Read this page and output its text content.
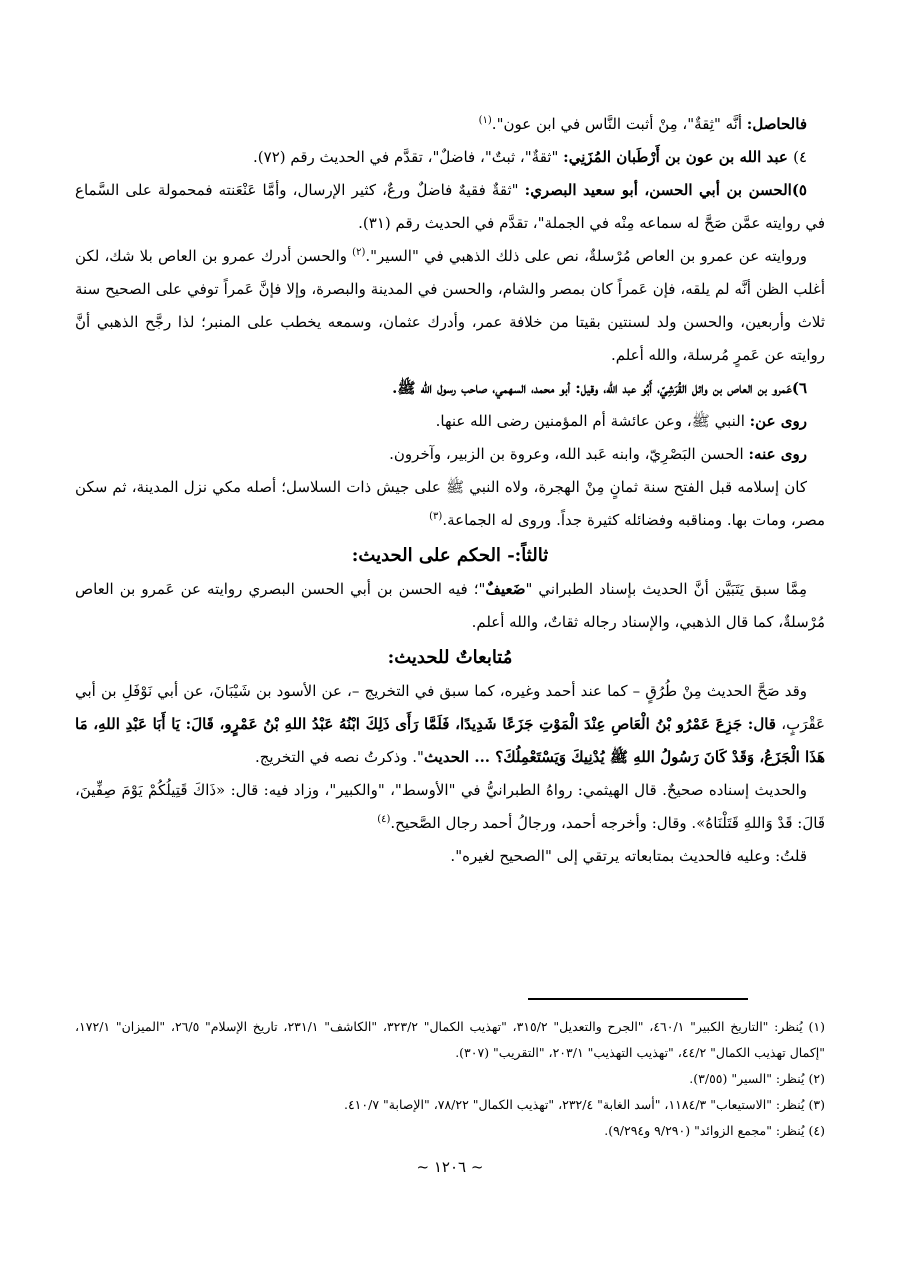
فالحاصل: أنَّه "ثِقةٌ"، مِنْ أثبت النَّاس في ابن عون".$^{(١)}$

٤) عبد الله بن عون بن أَرْطَبان المُزَنِي: "ثقةٌ"، ثبتٌ"، فاضلٌ"، تقدَّم في الحديث رقم (٧٢).

٥)الحسن بن أبي الحسن، أبو سعيد البصري: "ثقةٌ فقيهٌ فاضلٌ ورعٌ، كثير الإرسال، وأمَّا عَنْعَنته فمحمولة على السَّماع في روايته عمَّن صَحَّ له سماعه مِنْه في الجملة"، تقدَّم في الحديث رقم (٣١).

وروايته عن عمرو بن العاص مُرْسلةٌ، نص على ذلك الذهبي في "السير".$^{(٢)}$ والحسن أدرك عمرو بن العاص بلا شك، لكن أغلب الظن أنَّه لم يلقه، فإن عَمراً كان بمصر والشام، والحسن في المدينة والبصرة، وإلا فإنَّ عَمراً توفي على الصحيح سنة ثلاث وأربعين، والحسن ولد لسنتين بقيتا من خلافة عمر، وأدرك عثمان، وسمعه يخطب على المنبر؛ لذا رجَّح الذهبي أنَّ روايته عن عَمرٍ مُرسلة، والله أعلم.

٦)عَمرو بن العاص بن وائل القُرَشِيّ، أَبُو عبد الله، وقيل: أبو محمد، السهمي، صاحب رسول الله ﷺ.

روى عن: النبي ﷺ، وعن عائشة أم المؤمنين رضى الله عنها.

روى عنه: الحسن البَصْرِيّ، وابنه عَبد الله، وعروة بن الزبير، وآخرون.

كان إسلامه قبل الفتح سنة ثمانٍ مِنْ الهجرة، ولاه النبي ﷺ على جيش ذات السلاسل؛ أصله مكي نزل المدينة، ثم سكن مصر، ومات بها. ومناقبه وفضائله كثيرة جداً. وروى له الجماعة.$^{(٣)}$

ثالثاً:- الحكم على الحديث:

مِمَّا سبق يَتَبَيَّن أنَّ الحديث بإسناد الطبراني "ضَعيفٌ"؛ فيه الحسن بن أبي الحسن البصري روايته عن عَمرو بن العاص مُرْسلةٌ، كما قال الذهبي، والإسناد رجاله ثقاتٌ، والله أعلم.

مُتابعاتٌ للحديث:

وقد صَحَّ الحديث مِنْ طُرُقٍ – كما عند أحمد وغيره، كما سبق في التخريج –، عن الأسود بن شَيْبَانَ، عن أبي نَوْفَلِ بن أبي عَقْرَبٍ، قال: جَزِعَ عَمْرُو بْنُ الْعَاصِ عِنْدَ الْمَوْتِ جَزَعًا شَدِيدًا، فَلَمَّا رَأَى ذَلِكَ ابْنُهُ عَبْدُ اللهِ بْنُ عَمْرٍو، قَالَ: يَا أَبَا عَبْدِ اللهِ، مَا هَذَا الْجَزَعُ، وَقَدْ كَانَ رَسُولُ اللهِ ﷺ يُدْنِيكَ وَيَسْتَعْمِلُكَ؟ ... الحديث". وذكرتُ نصه في التخريج.

والحديث إسناده صحيحٌ. قال الهيثمي: رواهُ الطبرانيُّ في "الأوسط"، "والكبير"، وزاد فيه: قال: «ذَاكَ قَتِيلُكُمْ يَوْمَ صِفِّينَ، قَالَ: قَدْ وَاللهِ قَتَلْنَاهُ». وقال: وأخرجه أحمد، ورجالُ أحمد رجال الصَّحيح.$^{(٤)}$

قلتُ: وعليه فالحديث بمتابعاته يرتقي إلى "الصحيح لغيره".

(١) يُنظر: "التاريخ الكبير" ٤٦٠/١، "الجرح والتعديل" ٣١٥/٢، "تهذيب الكمال" ٣٢٣/٢، "الكاشف" ٢٣١/١، تاريخ الإسلام" ٢٦/٥، "الميزان" ١٧٢/١، "إكمال تهذيب الكمال" ٤٤/٢، "تهذيب التهذيب" ٢٠٣/١، "التقريب" (٣٠٧).

(٢) يُنظر: "السير" (٣/٥٥).

(٣) يُنظر: "الاستيعاب" ١١٨٤/٣، "أسد الغابة" ٢٣٢/٤، "تهذيب الكمال" ٧٨/٢٢، "الإصابة" ٤١٠/٧.

(٤) يُنظر: "مجمع الزوائد" (٩/٢٩٠ و٩/٢٩٤).

~ ١٢٠٦ ~
